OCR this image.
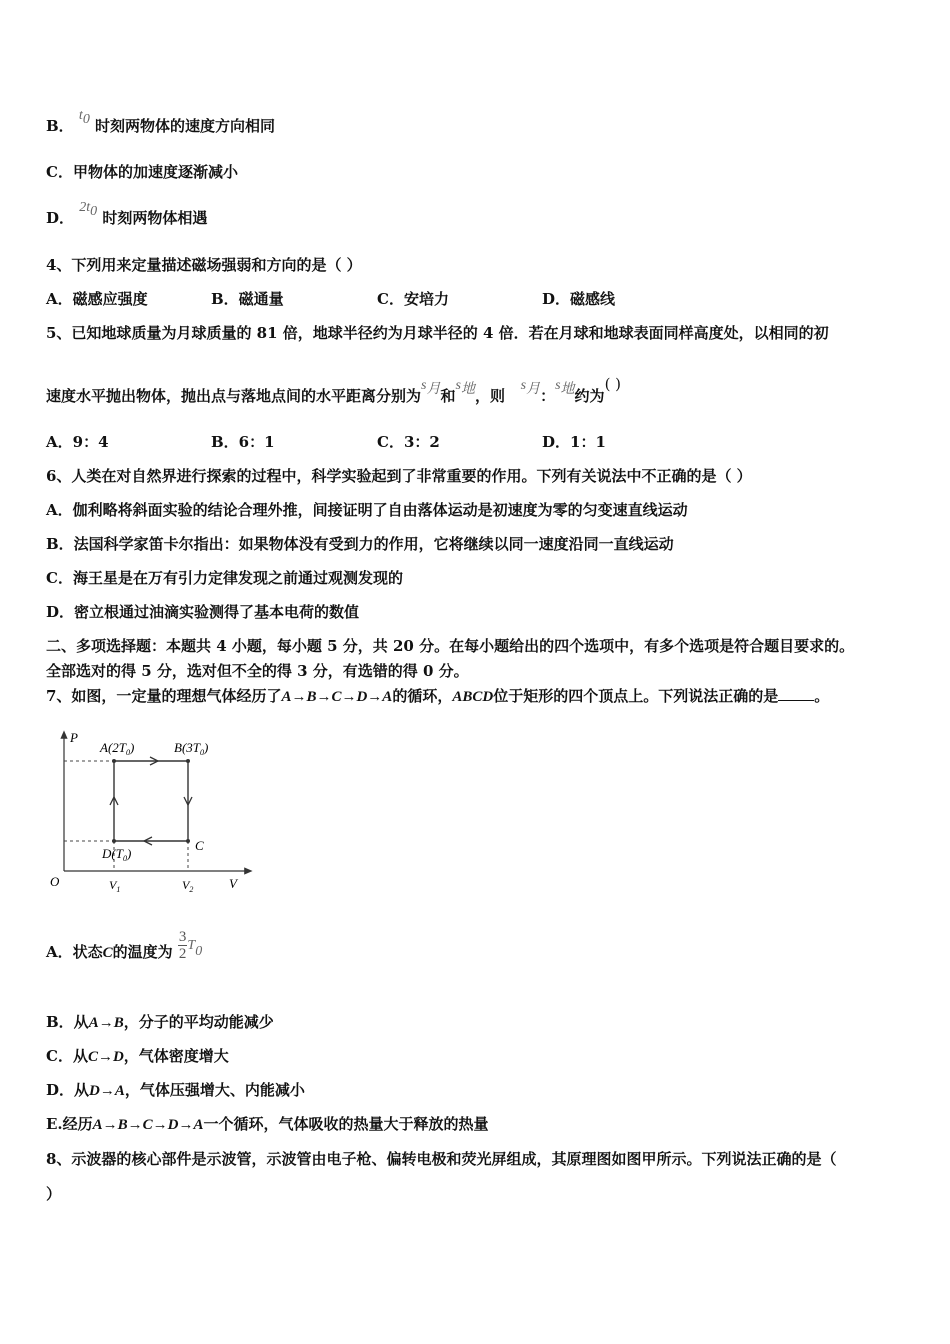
B． $t_0$ 时刻两物体的速度方向相同
C．甲物体的加速度逐渐减小
D． $2t_0$ 时刻两物体相遇
4、下列用来定量描述磁场强弱和方向的是（ ）
A．磁感应强度	B．磁通量	C．安培力	D．磁感线
5、已知地球质量为月球质量的 81 倍，地球半径约为月球半径的 4 倍．若在月球和地球表面同样高度处，以相同的初
速度水平抛出物体，抛出点与落地点间的水平距离分别为$s_月$和$s_地$，则   $s_月$：$s_地$约为( )
A．9：4	B．6：1	C．3：2	D．1：1
6、人类在对自然界进行探索的过程中，科学实验起到了非常重要的作用。下列有关说法中不正确的是（ ）
A．伽利略将斜面实验的结论合理外推，间接证明了自由落体运动是初速度为零的匀变速直线运动
B．法国科学家笛卡尔指出：如果物体没有受到力的作用，它将继续以同一速度沿同一直线运动
C．海王星是在万有引力定律发现之前通过观测发现的
D．密立根通过油滴实验测得了基本电荷的数值
二、多项选择题：本题共 4 小题，每小题 5 分，共 20 分。在每小题给出的四个选项中，有多个选项是符合题目要求的。
全部选对的得 5 分，选对但不全的得 3 分，有选错的得 0 分。
7、如图，一定量的理想气体经历了A→B→C→D→A的循环，ABCD位于矩形的四个顶点上。下列说法正确的是 。
P
O	V
$V_1$	$V_2$
$A(2T_0)$	$B(3T_0)$
C
$D(T_0)$
A．状态C的温度为 $\frac{3}{2} T_0$
B．从A→B，分子的平均动能减少
C．从C→D，气体密度增大
D．从D→A，气体压强增大、内能减小
E.经历A→B→C→D→A一个循环，气体吸收的热量大于释放的热量
8、示波器的核心部件是示波管，示波管由电子枪、偏转电极和荧光屏组成，其原理图如图甲所示。下列说法正确的是（
）
